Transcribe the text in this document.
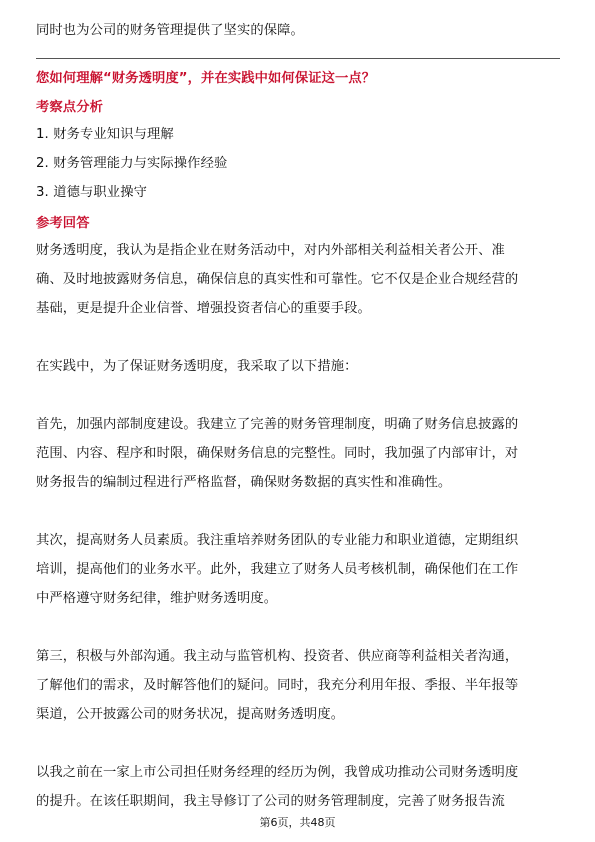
同时也为公司的财务管理提供了坚实的保障。
您如何理解“财务透明度”，并在实践中如何保证这一点？
考察点分析
1. 财务专业知识与理解
2. 财务管理能力与实际操作经验
3. 道德与职业操守
参考回答
财务透明度，我认为是指企业在财务活动中，对内外部相关利益相关者公开、准
确、及时地披露财务信息，确保信息的真实性和可靠性。它不仅是企业合规经营的
基础，更是提升企业信誉、增强投资者信心的重要手段。
在实践中，为了保证财务透明度，我采取了以下措施：
首先，加强内部制度建设。我建立了完善的财务管理制度，明确了财务信息披露的
范围、内容、程序和时限，确保财务信息的完整性。同时，我加强了内部审计，对
财务报告的编制过程进行严格监督，确保财务数据的真实性和准确性。
其次，提高财务人员素质。我注重培养财务团队的专业能力和职业道德，定期组织
培训，提高他们的业务水平。此外，我建立了财务人员考核机制，确保他们在工作
中严格遵守财务纪律，维护财务透明度。
第三，积极与外部沟通。我主动与监管机构、投资者、供应商等利益相关者沟通，
了解他们的需求，及时解答他们的疑问。同时，我充分利用年报、季报、半年报等
渠道，公开披露公司的财务状况，提高财务透明度。
以我之前在一家上市公司担任财务经理的经历为例，我曾成功推动公司财务透明度
的提升。在该任职期间，我主导修订了公司的财务管理制度，完善了财务报告流
第6页，共48页
